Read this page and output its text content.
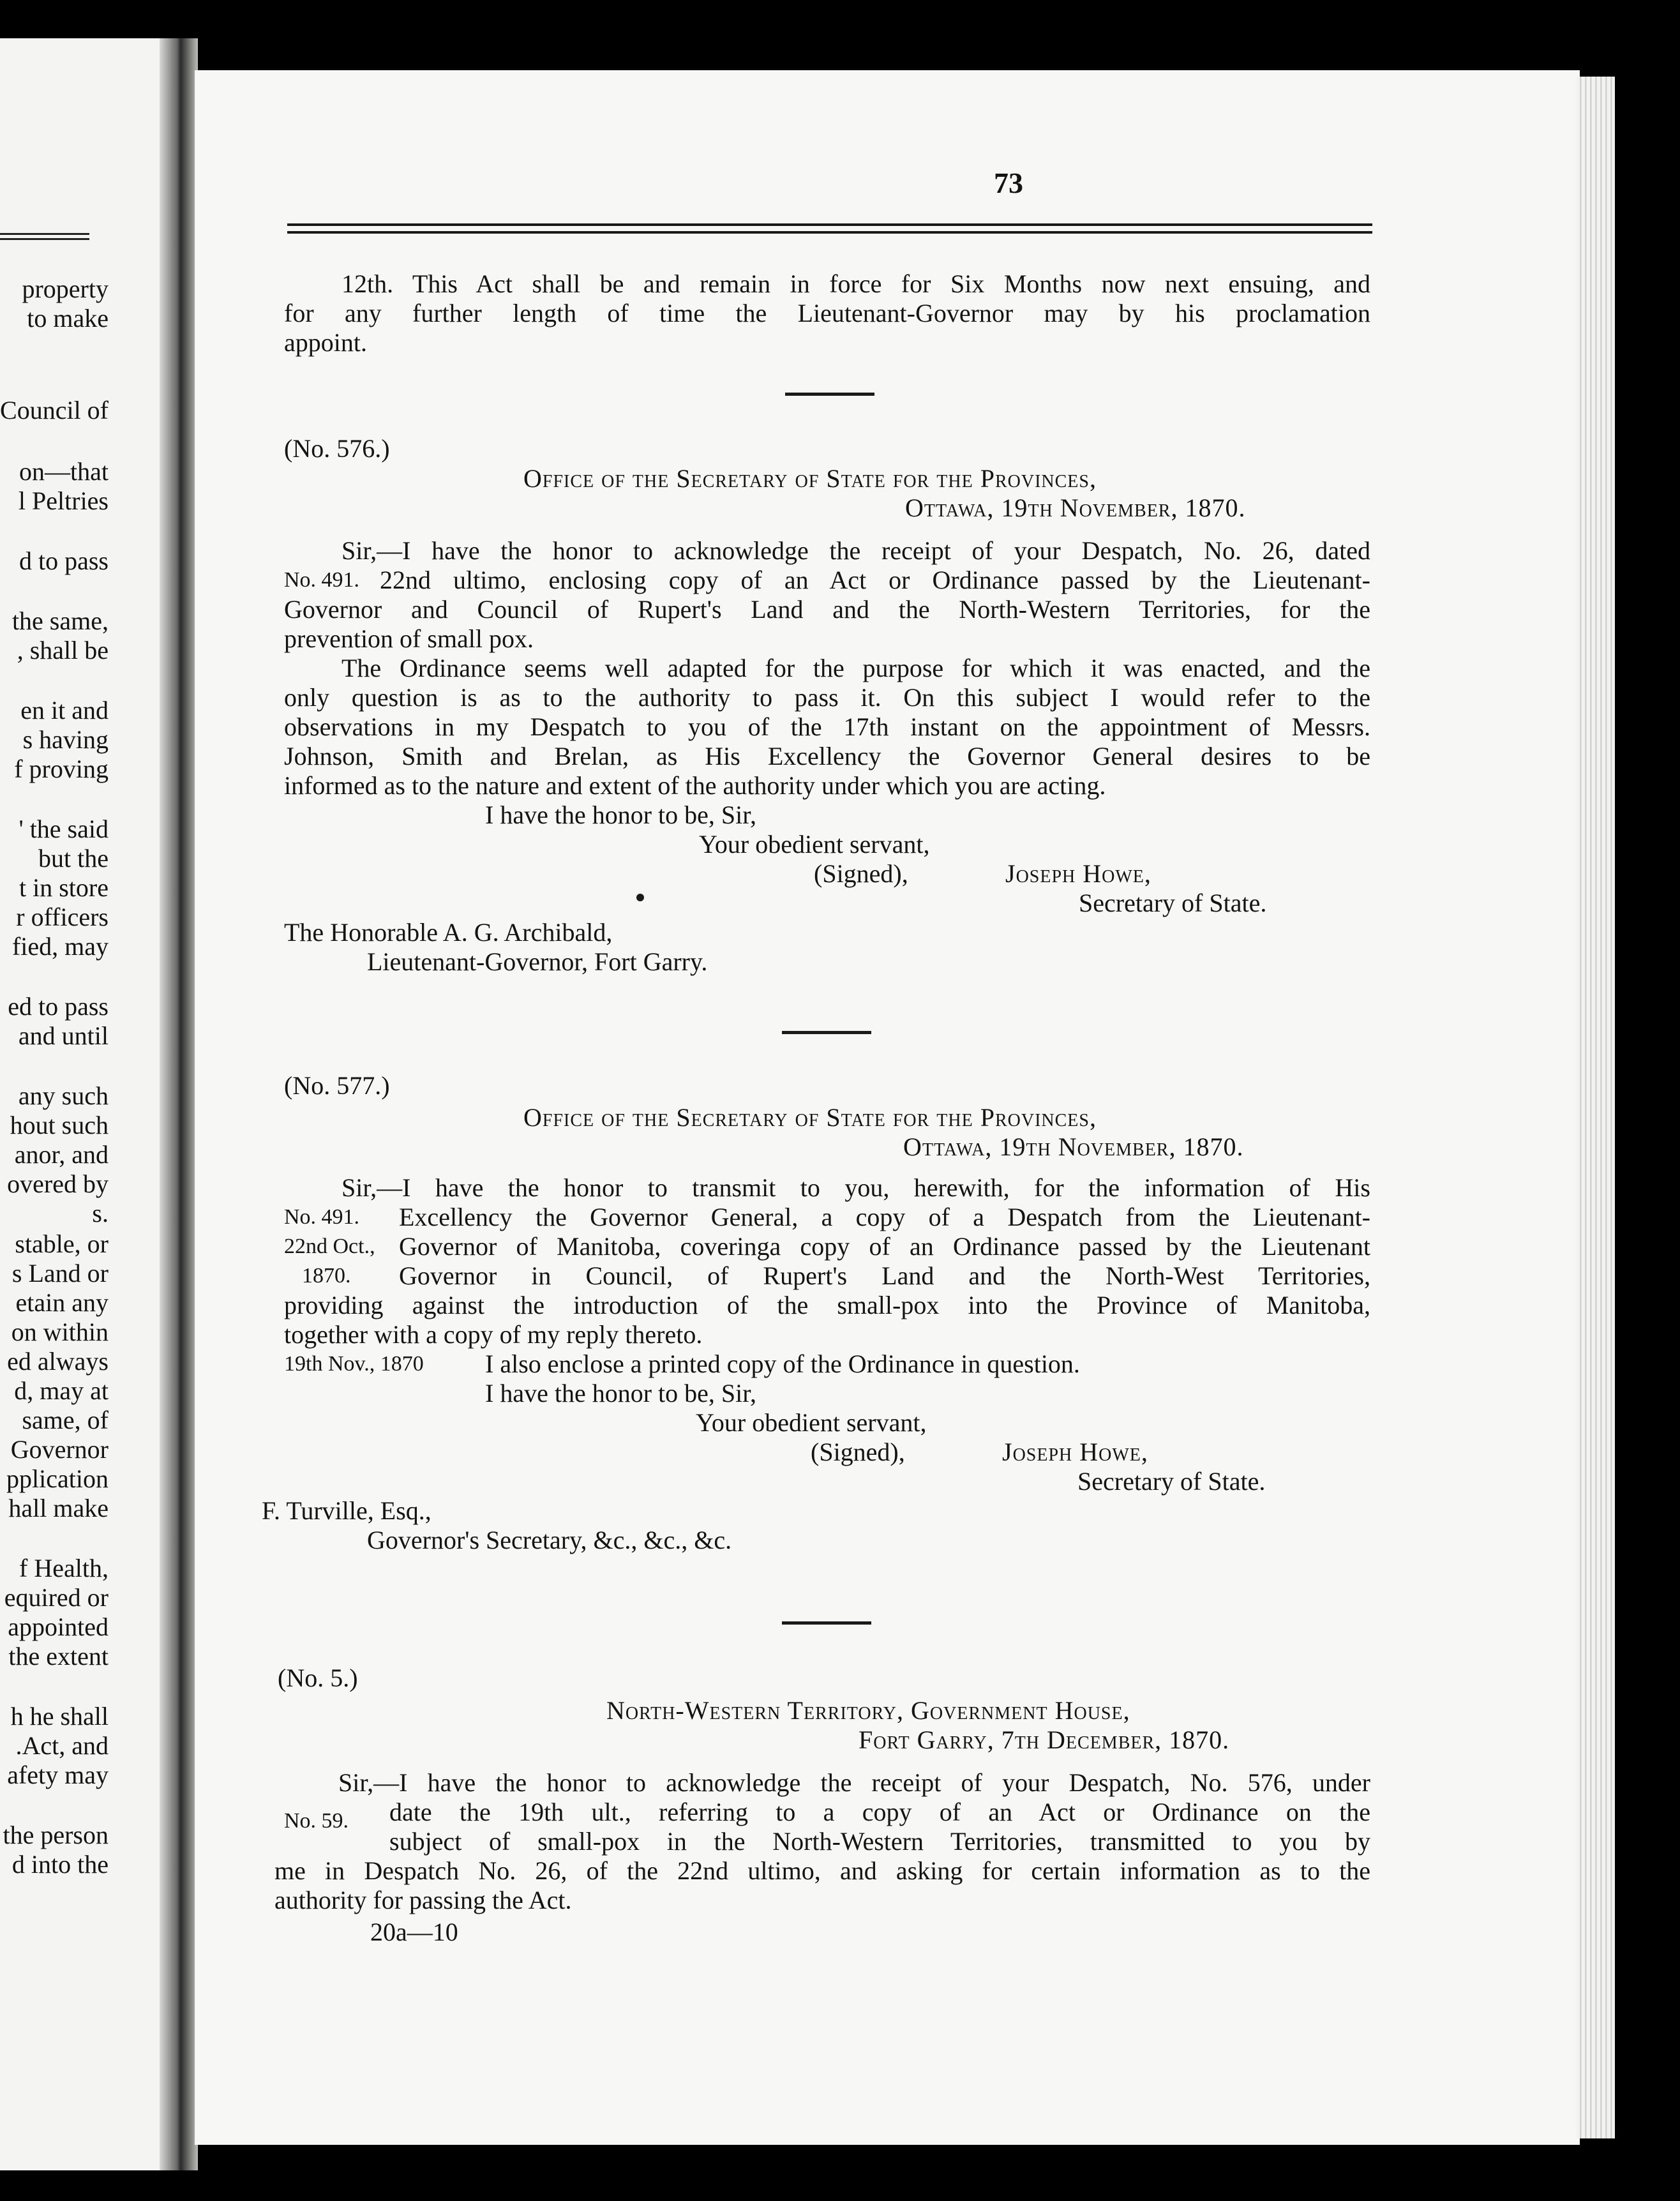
property
to make
Council of
on—that
l Peltries
d to pass
the same,
, shall be
en it and
s having
f proving
' the said
but the
t in store
r officers
fied, may
ed to pass
and until
any such
hout such
anor, and
overed by
s.
stable, or
s Land or
etain any
on within
ed always
d, may at
same, of
Governor
pplication
hall make
f Health,
equired or
appointed
the extent
h he shall
.Act, and
afety may
the person
d into the
73
12th. This Act shall be and remain in force for Six Months now next ensuing, and
for any further length of time the Lieutenant-Governor may by his proclamation
appoint.
(No. 576.)
Office of the Secretary of State for the Provinces,
Ottawa, 19th November, 1870.
Sir,—I have the honor to acknowledge the receipt of your Despatch, No. 26, dated
No. 491. 22nd ultimo, enclosing copy of an Act or Ordinance passed by the Lieutenant-
Governor and Council of Rupert's Land and the North-Western Territories, for the
prevention of small pox.
The Ordinance seems well adapted for the purpose for which it was enacted, and the
only question is as to the authority to pass it. On this subject I would refer to the
observations in my Despatch to you of the 17th instant on the appointment of Messrs.
Johnson, Smith and Brelan, as His Excellency the Governor General desires to be
informed as to the nature and extent of the authority under which you are acting.
I have the honor to be, Sir,
Your obedient servant,
(Signed),	Joseph Howe,
Secretary of State.
The Honorable A. G. Archibald,
Lieutenant-Governor, Fort Garry.
(No. 577.)
Office of the Secretary of State for the Provinces,
Ottawa, 19th November, 1870.
Sir,—I have the honor to transmit to you, herewith, for the information of His
No. 491. Excellency the Governor General, a copy of a Despatch from the Lieutenant-
22nd Oct., Governor of Manitoba, coveringa copy of an Ordinance passed by the Lieutenant
1870. Governor in Council, of Rupert's Land and the North-West Territories,
providing against the introduction of the small-pox into the Province of Manitoba,
together with a copy of my reply thereto.
19th Nov., 1870 I also enclose a printed copy of the Ordinance in question.
I have the honor to be, Sir,
Your obedient servant,
(Signed),	Joseph Howe,
Secretary of State.
F. Turville, Esq.,
Governor's Secretary, &c., &c., &c.
(No. 5.)
North-Western Territory, Government House,
Fort Garry, 7th December, 1870.
Sir,—I have the honor to acknowledge the receipt of your Despatch, No. 576, under
No. 59. date the 19th ult., referring to a copy of an Act or Ordinance on the
subject of small-pox in the North-Western Territories, transmitted to you by
me in Despatch No. 26, of the 22nd ultimo, and asking for certain information as to the
authority for passing the Act.
20a—10
